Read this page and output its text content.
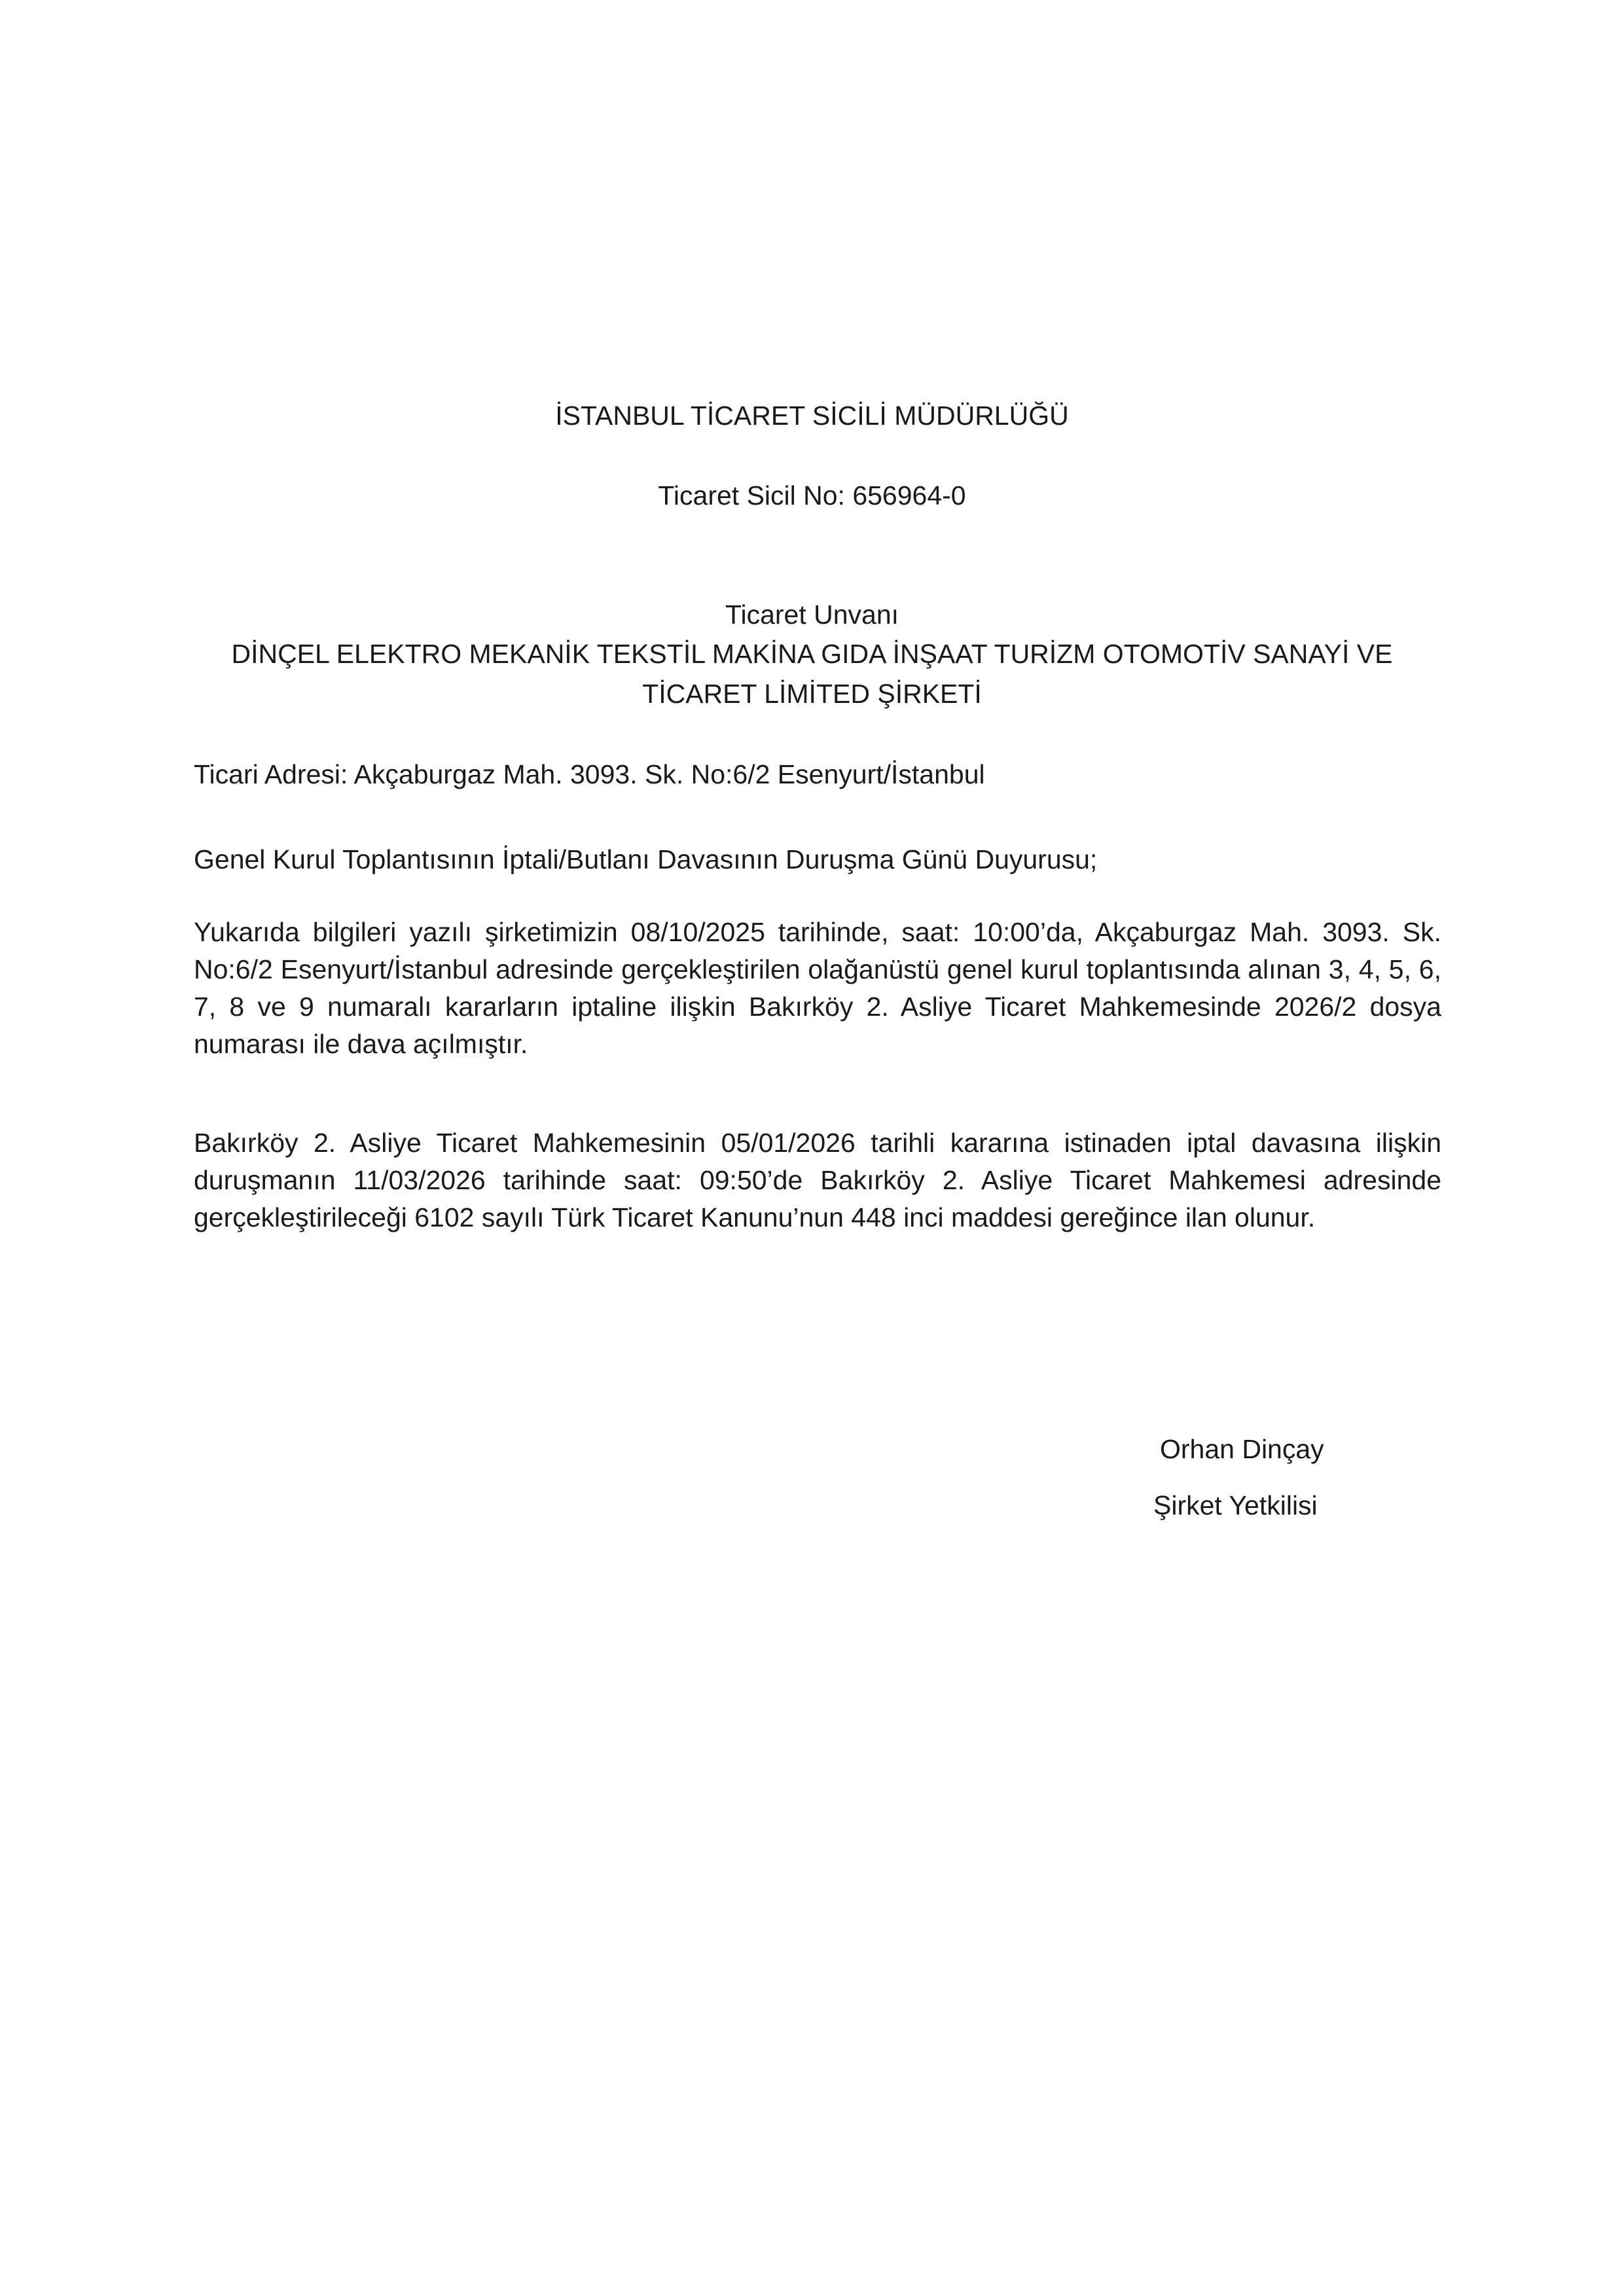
İSTANBUL TİCARET SİCİLİ MÜDÜRLÜĞÜ
Ticaret Sicil No: 656964-0
Ticaret Unvanı
DİNÇEL ELEKTRO MEKANİK TEKSTİL MAKİNA GIDA İNŞAAT TURİZM OTOMOTİV SANAYİ VE
TİCARET LİMİTED ŞİRKETİ
Ticari Adresi: Akçaburgaz Mah. 3093. Sk. No:6/2 Esenyurt/İstanbul
Genel Kurul Toplantısının İptali/Butlanı Davasının Duruşma Günü Duyurusu;
Yukarıda bilgileri yazılı şirketimizin 08/10/2025 tarihinde, saat: 10:00’da, Akçaburgaz Mah. 3093. Sk. No:6/2 Esenyurt/İstanbul adresinde gerçekleştirilen olağanüstü genel kurul toplantısında alınan 3, 4, 5, 6, 7, 8 ve 9 numaralı kararların iptaline ilişkin Bakırköy 2. Asliye Ticaret Mahkemesinde 2026/2 dosya numarası ile dava açılmıştır.
Bakırköy 2. Asliye Ticaret Mahkemesinin 05/01/2026 tarihli kararına istinaden iptal davasına ilişkin duruşmanın 11/03/2026 tarihinde saat: 09:50’de Bakırköy 2. Asliye Ticaret Mahkemesi adresinde gerçekleştirileceği 6102 sayılı Türk Ticaret Kanunu’nun 448 inci maddesi gereğince ilan olunur.
Orhan Dinçay
Şirket Yetkilisi
